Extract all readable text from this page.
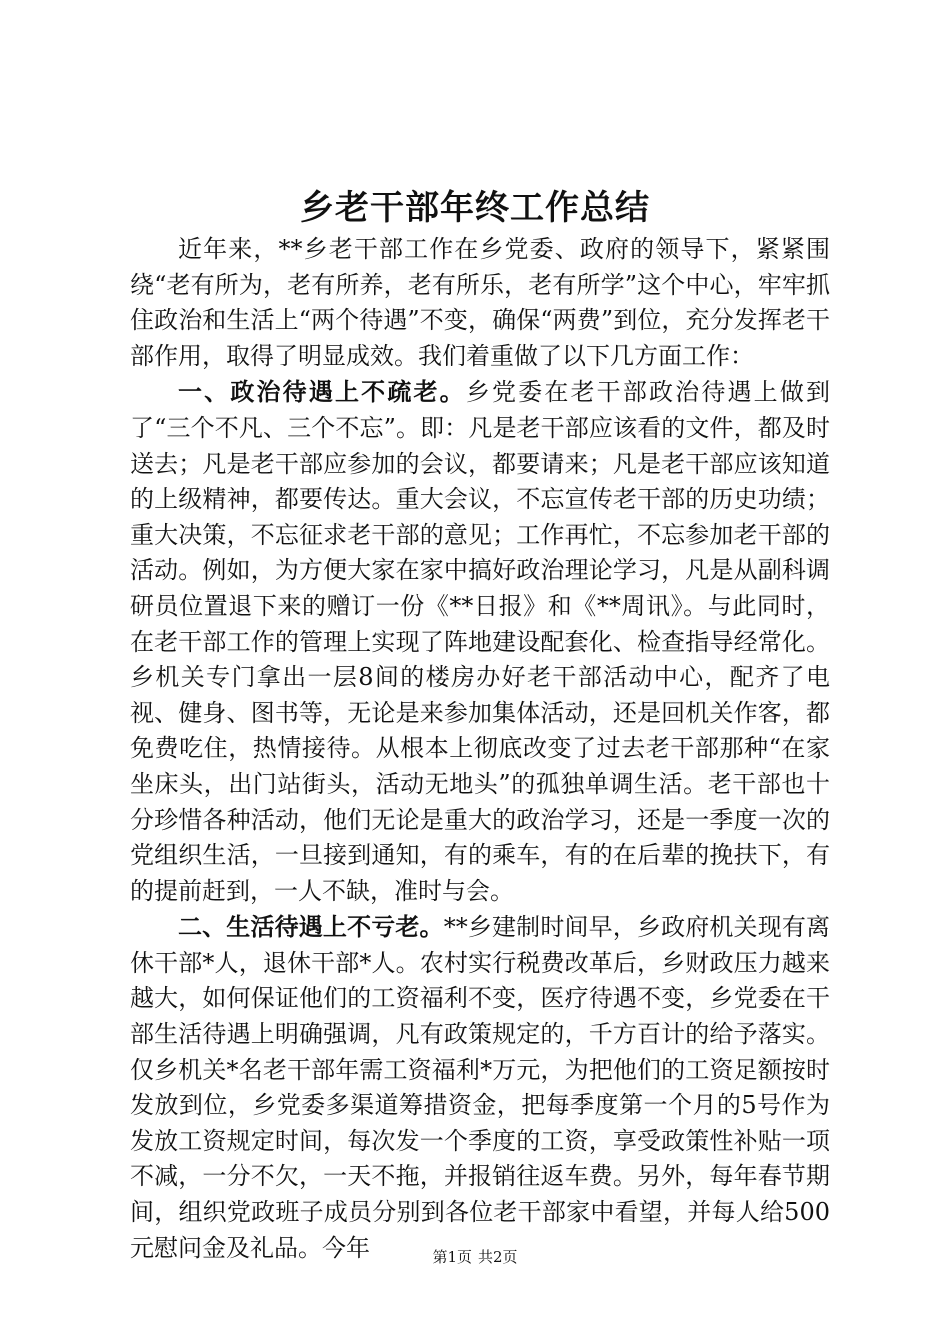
乡老干部年终工作总结

近年来，**乡老干部工作在乡党委、政府的领导下，紧紧围绕“老有所为，老有所养，老有所乐，老有所学”这个中心，牢牢抓住政治和生活上“两个待遇”不变，确保“两费”到位，充分发挥老干部作用，取得了明显成效。我们着重做了以下几方面工作：

一、政治待遇上不疏老。乡党委在老干部政治待遇上做到了“三个不凡、三个不忘”。即：凡是老干部应该看的文件，都及时送去；凡是老干部应参加的会议，都要请来；凡是老干部应该知道的上级精神，都要传达。重大会议，不忘宣传老干部的历史功绩；重大决策，不忘征求老干部的意见；工作再忙，不忘参加老干部的活动。例如，为方便大家在家中搞好政治理论学习，凡是从副科调研员位置退下来的赠订一份《**日报》和《**周讯》。与此同时，在老干部工作的管理上实现了阵地建设配套化、检查指导经常化。乡机关专门拿出一层8间的楼房办好老干部活动中心，配齐了电视、健身、图书等，无论是来参加集体活动，还是回机关作客，都免费吃住，热情接待。从根本上彻底改变了过去老干部那种“在家坐床头，出门站街头，活动无地头”的孤独单调生活。老干部也十分珍惜各种活动，他们无论是重大的政治学习，还是一季度一次的党组织生活，一旦接到通知，有的乘车，有的在后辈的挽扶下，有的提前赶到，一人不缺，准时与会。

二、生活待遇上不亏老。**乡建制时间早，乡政府机关现有离休干部*人，退休干部*人。农村实行税费改革后，乡财政压力越来越大，如何保证他们的工资福利不变，医疗待遇不变，乡党委在干部生活待遇上明确强调，凡有政策规定的，千方百计的给予落实。仅乡机关*名老干部年需工资福利*万元，为把他们的工资足额按时发放到位，乡党委多渠道筹措资金，把每季度第一个月的5号作为发放工资规定时间，每次发一个季度的工资，享受政策性补贴一项不减，一分不欠，一天不拖，并报销往返车费。另外，每年春节期间，组织党政班子成员分别到各位老干部家中看望，并每人给500元慰问金及礼品。今年	第1页 共2页
